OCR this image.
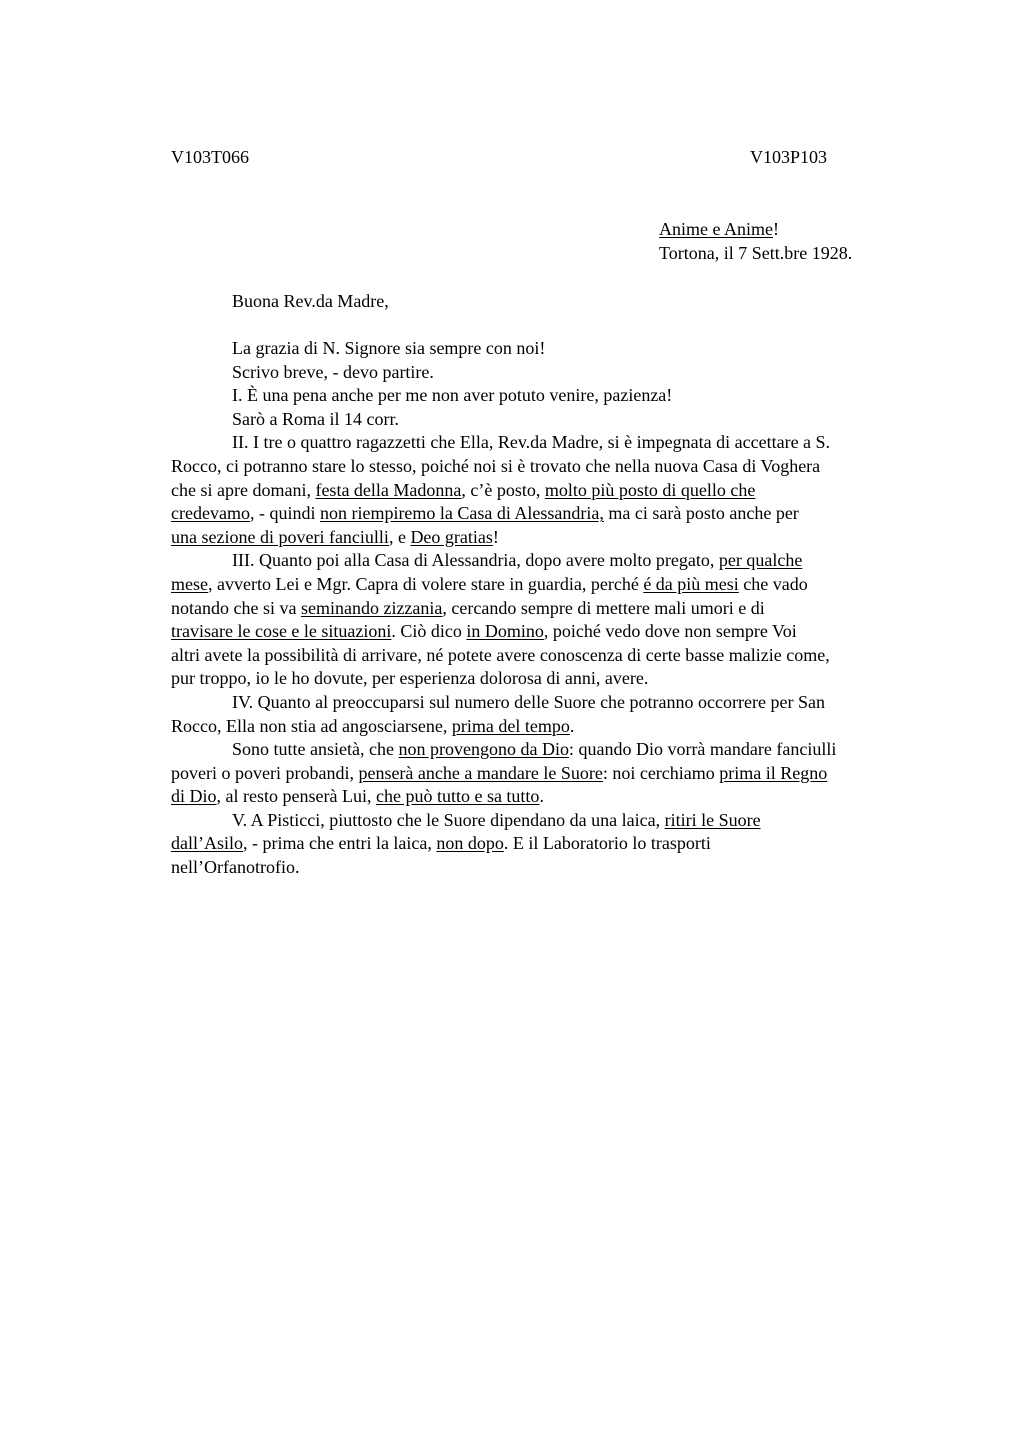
V103T066	V103P103
Anime e Anime!
Tortona, il 7 Sett.bre 1928.
Buona Rev.da Madre,
La grazia di N. Signore sia sempre con noi!
Scrivo breve, - devo partire.
I. È una pena anche per me non aver potuto venire, pazienza!
Sarò a Roma il 14 corr.
II. I tre o quattro ragazzetti che Ella, Rev.da Madre, si è impegnata di accettare a S.
Rocco, ci potranno stare lo stesso, poiché noi si è trovato che nella nuova Casa di Voghera
che si apre domani, festa della Madonna, c’è posto, molto più posto di quello che
credevamo, - quindi non riempiremo la Casa di Alessandria, ma ci sarà posto anche per
una sezione di poveri fanciulli, e Deo gratias!
III. Quanto poi alla Casa di Alessandria, dopo avere molto pregato, per qualche
mese, avverto Lei e Mgr. Capra di volere stare in guardia, perché é da più mesi che vado
notando che si va seminando zizzania, cercando sempre di mettere mali umori e di
travisare le cose e le situazioni. Ciò dico in Domino, poiché vedo dove non sempre Voi
altri avete la possibilità di arrivare, né potete avere conoscenza di certe basse malizie come,
pur troppo, io le ho dovute, per esperienza dolorosa di anni, avere.
IV. Quanto al preoccuparsi sul numero delle Suore che potranno occorrere per San
Rocco, Ella non stia ad angosciarsene, prima del tempo.
Sono tutte ansietà, che non provengono da Dio: quando Dio vorrà mandare fanciulli
poveri o poveri probandi, penserà anche a mandare le Suore: noi cerchiamo prima il Regno
di Dio, al resto penserà Lui, che può tutto e sa tutto.
V. A Pisticci, piuttosto che le Suore dipendano da una laica, ritiri le Suore
dall’Asilo, - prima che entri la laica, non dopo. E il Laboratorio lo trasporti
nell’Orfanotrofio.
